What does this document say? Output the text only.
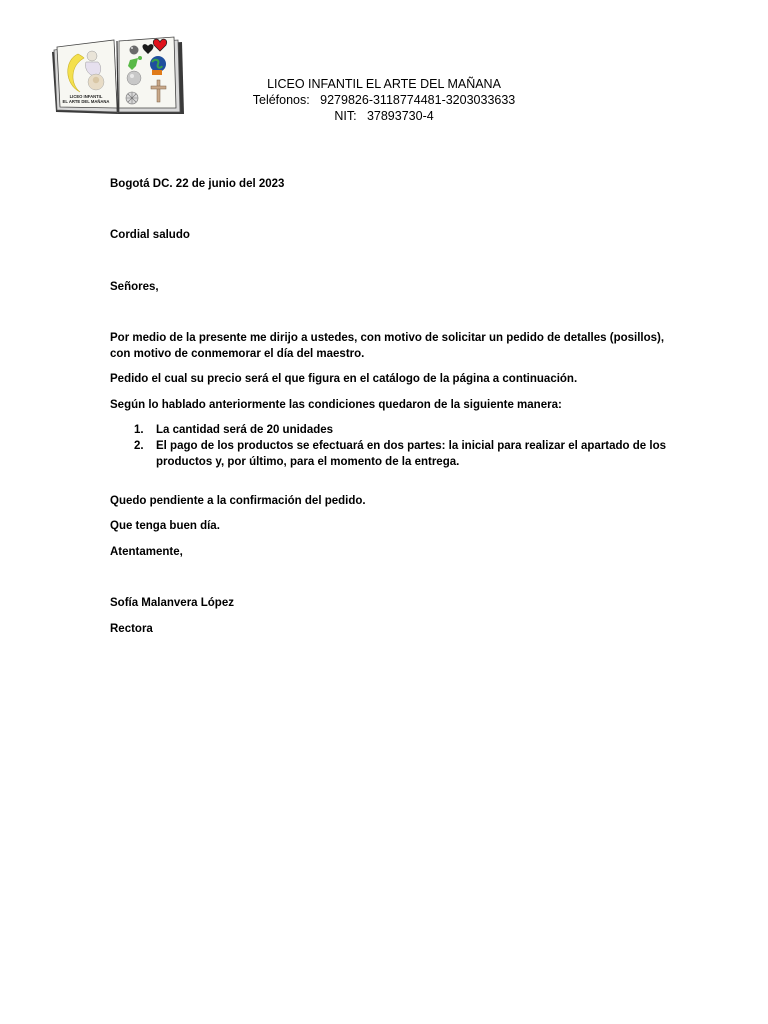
LICEO INFANTIL
EL ARTE DEL MAÑANA
LICEO INFANTIL EL ARTE DEL MAÑANA
Teléfonos:   9279826-3118774481-3203033633
NIT:   37893730-4

Bogotá DC. 22 de junio del 2023

Cordial saludo

Señores,

Por medio de la presente me dirijo a ustedes, con motivo de solicitar un pedido de detalles (posillos), con motivo de conmemorar el día del maestro.

Pedido el cual su precio será el que figura en el catálogo de la página a continuación.

Según lo hablado anteriormente las condiciones quedaron de la siguiente manera:

1. La cantidad será de 20 unidades
2. El pago de los productos se efectuará en dos partes: la inicial para realizar el apartado de los productos y, por último, para el momento de la entrega.

Quedo pendiente a la confirmación del pedido.

Que tenga buen día.

Atentamente,

Sofía Malanvera López

Rectora
